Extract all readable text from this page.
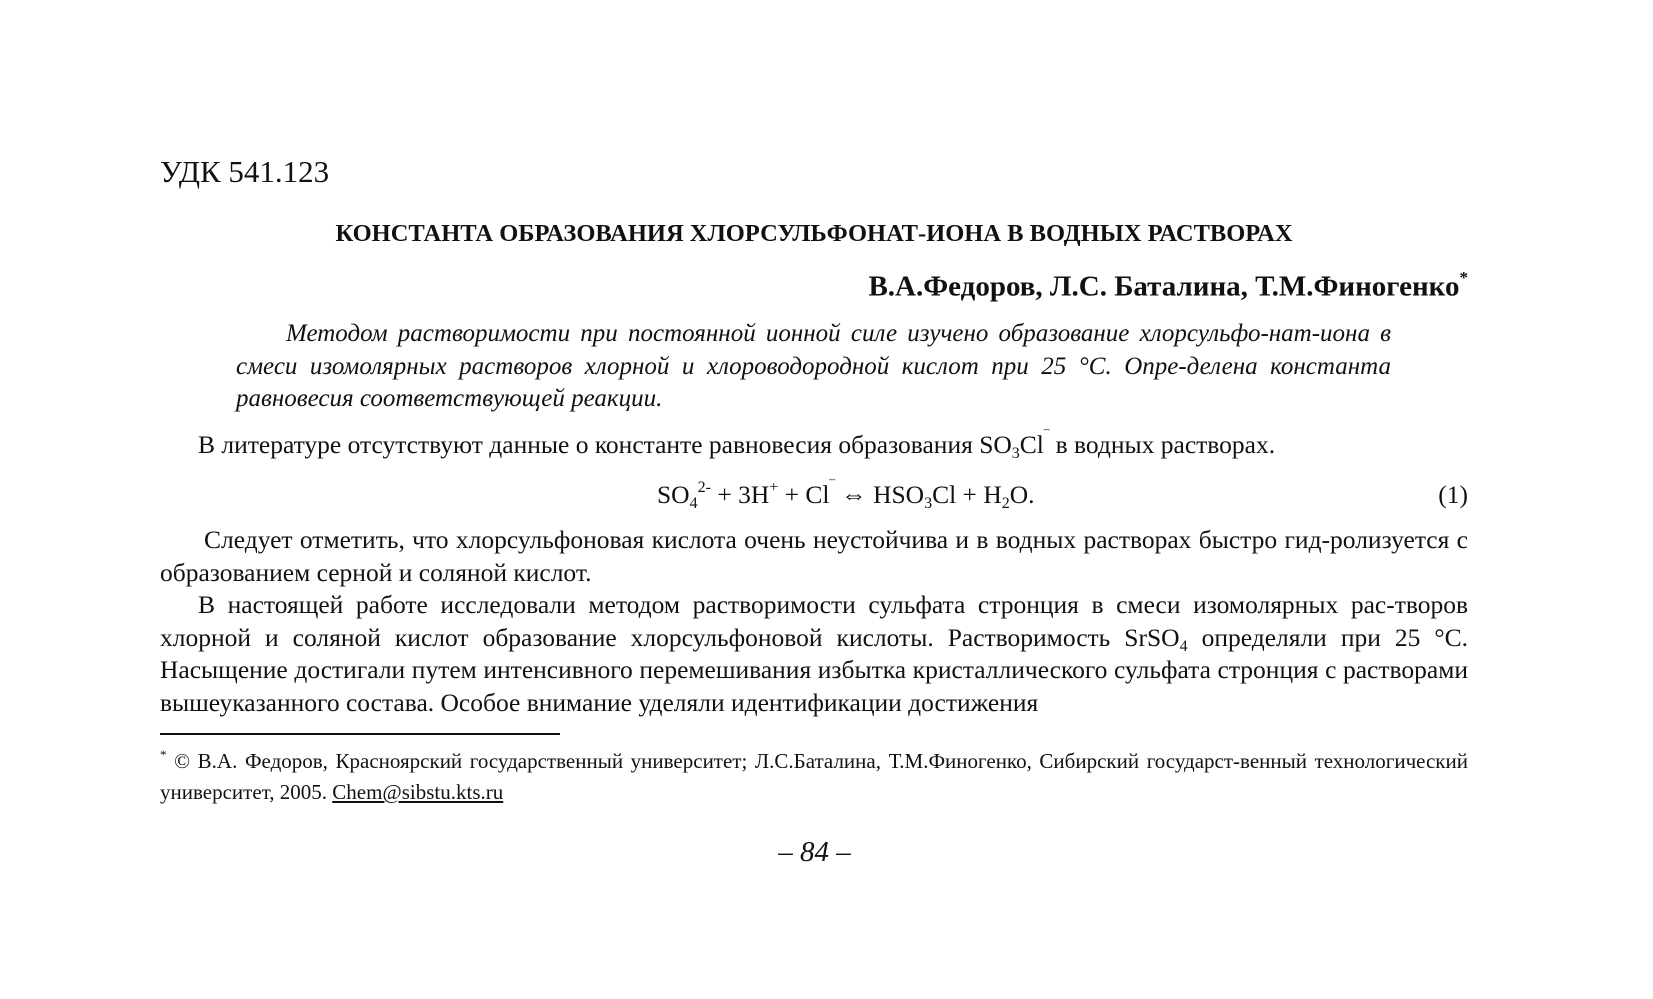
УДК 541.123
КОНСТАНТА ОБРАЗОВАНИЯ ХЛОРСУЛЬФОНАТ-ИОНА В ВОДНЫХ РАСТВОРАХ
В.А.Федоров, Л.С. Баталина, Т.М.Финогенко*
Методом растворимости при постоянной ионной силе изучено образование хлорсульфо-нат-иона в смеси изомолярных растворов хлорной и хлороводородной кислот при 25 °С. Опре-делена константа равновесия соответствующей реакции.
В литературе отсутствуют данные о константе равновесия образования $SO_3Cl^‾$ в водных растворах.
$SO_4^{2-} + 3H^+ + Cl^‾$ ⇔ $HSO_3Cl + H_2O$.	(1)
Следует отметить, что хлорсульфоновая кислота очень неустойчива и в водных растворах быстро гид-ролизуется с образованием серной и соляной кислот.
В настоящей работе исследовали методом растворимости сульфата стронция в смеси изомолярных рас-творов хлорной и соляной кислот образование хлорсульфоновой кислоты. Растворимость SrSO$_4$ определяли при 25 °С. Насыщение достигали путем интенсивного перемешивания избытка кристаллического сульфата стронция с растворами вышеуказанного состава. Особое внимание уделяли идентификации достижения
* © В.А. Федоров, Красноярский государственный университет; Л.С.Баталина, Т.М.Финогенко, Сибирский государст-венный технологический университет, 2005. Chem@sibstu.kts.ru
– 84 –
